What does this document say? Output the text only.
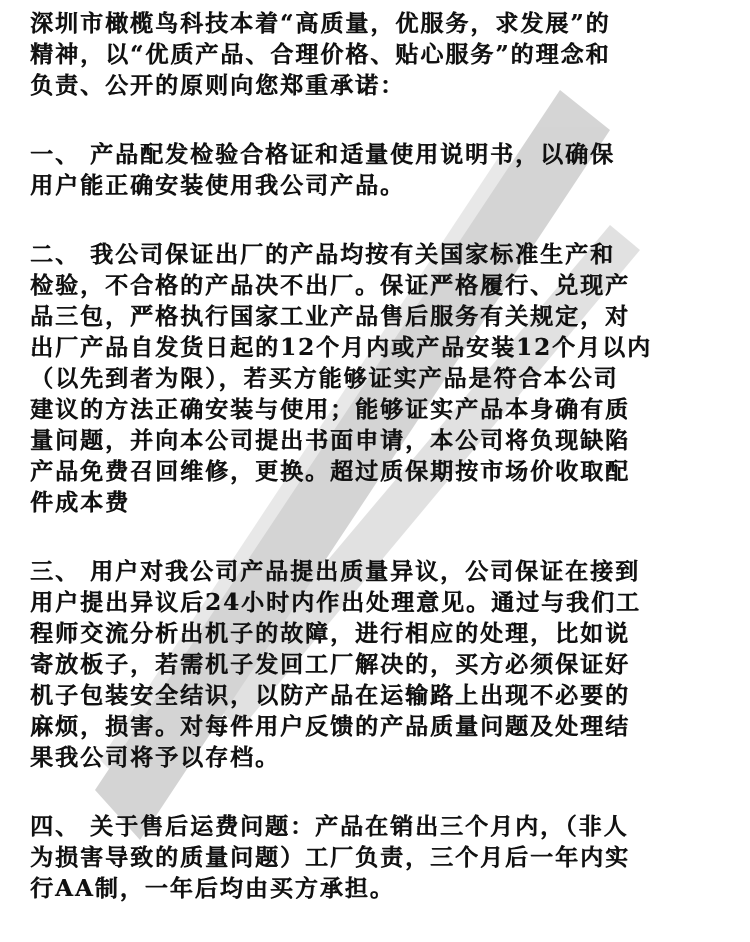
深圳市橄榄鸟科技本着“高质量，优服务，求发展”的
精神，以“优质产品、合理价格、贴心服务”的理念和
负责、公开的原则向您郑重承诺：
一、 产品配发检验合格证和适量使用说明书，以确保
用户能正确安装使用我公司产品。
二、 我公司保证出厂的产品均按有关国家标准生产和
检验，不合格的产品决不出厂。保证严格履行、兑现产
品三包，严格执行国家工业产品售后服务有关规定，对
出厂产品自发货日起的12个月内或产品安装12个月以内
（以先到者为限），若买方能够证实产品是符合本公司
建议的方法正确安装与使用；能够证实产品本身确有质
量问题，并向本公司提出书面申请，本公司将负现缺陷
产品免费召回维修，更换。超过质保期按市场价收取配
件成本费
三、 用户对我公司产品提出质量异议，公司保证在接到
用户提出异议后24小时内作出处理意见。通过与我们工
程师交流分析出机子的故障，进行相应的处理，比如说
寄放板子，若需机子发回工厂解决的，买方必须保证好
机子包装安全结识，以防产品在运输路上出现不必要的
麻烦，损害。对每件用户反馈的产品质量问题及处理结
果我公司将予以存档。
四、 关于售后运费问题：产品在销出三个月内，（非人
为损害导致的质量问题）工厂负责，三个月后一年内实
行AA制，一年后均由买方承担。
